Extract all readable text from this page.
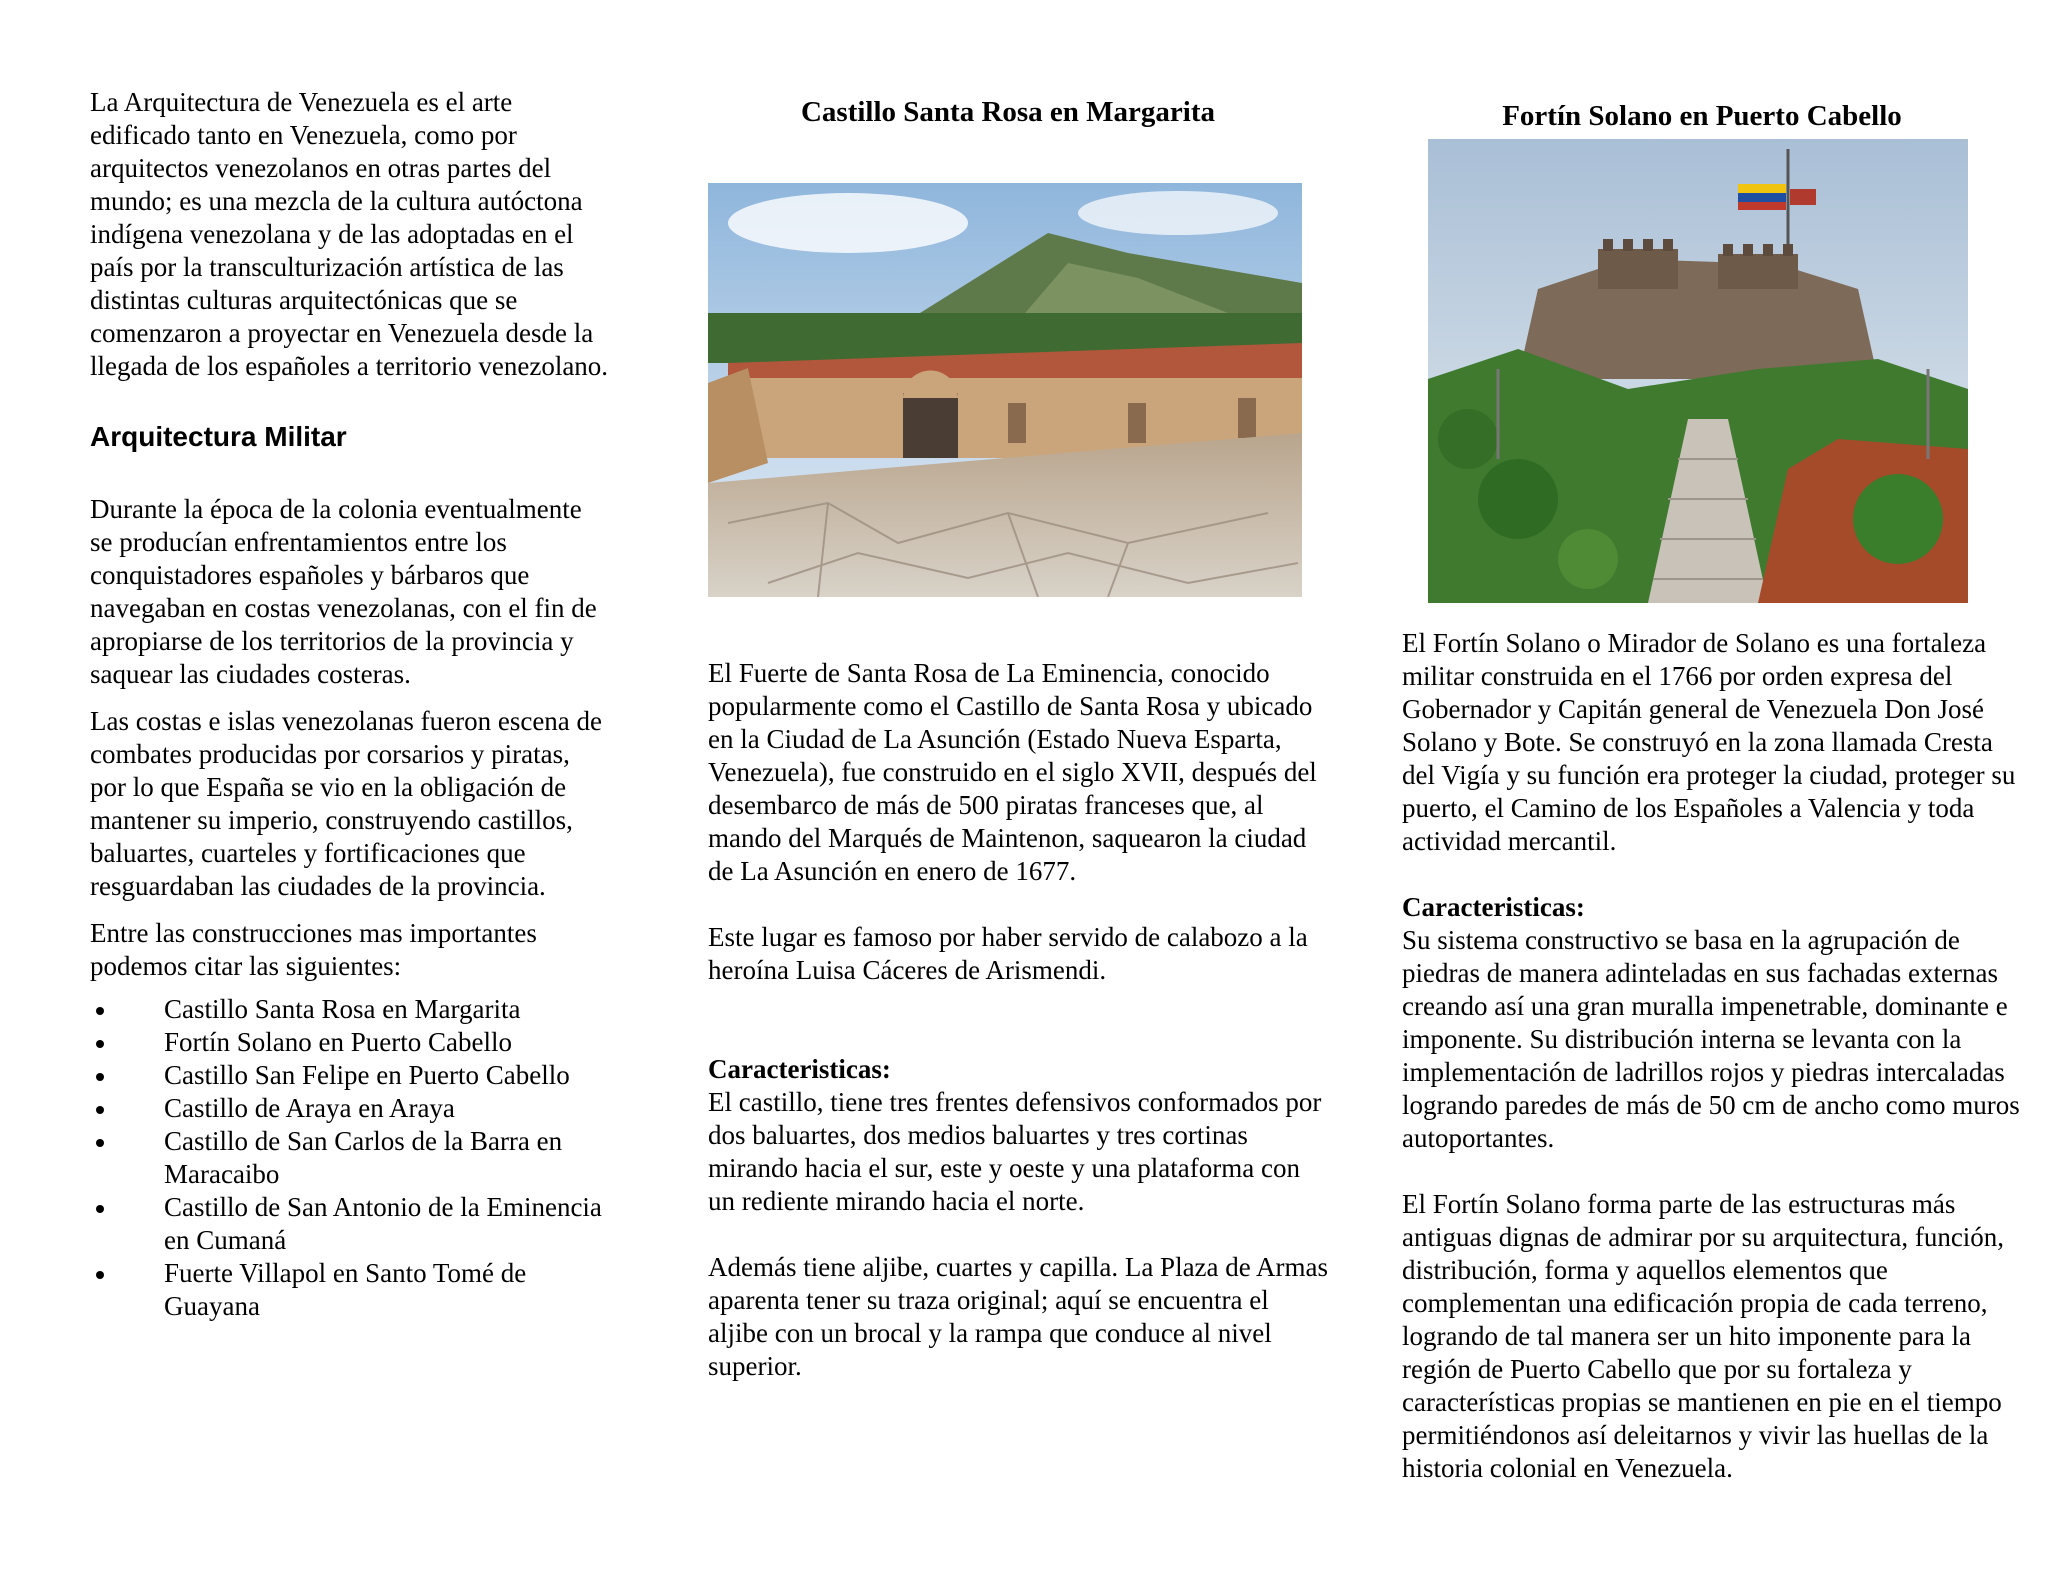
La Arquitectura de Venezuela es el arte edificado tanto en Venezuela, como por arquitectos venezolanos en otras partes del mundo; es una mezcla de la cultura autóctona indígena venezolana y de las adoptadas en el país por la transculturización artística de las distintas culturas arquitectónicas que se comenzaron a proyectar en Venezuela desde la llegada de los españoles a territorio venezolano.

Arquitectura Militar

Durante la época de la colonia eventualmente se producían enfrentamientos entre los conquistadores españoles y bárbaros que navegaban en costas venezolanas, con el fin de apropiarse de los territorios de la provincia y saquear las ciudades costeras.

Las costas e islas venezolanas fueron escena de combates producidas por corsarios y piratas, por lo que España se vio en la obligación de mantener su imperio, construyendo castillos, baluartes, cuarteles y fortificaciones que resguardaban las ciudades de la provincia.

Entre las construcciones mas importantes podemos citar las siguientes:

Castillo Santa Rosa en Margarita
Fortín Solano en Puerto Cabello
Castillo San Felipe en Puerto Cabello
Castillo de Araya en Araya
Castillo de San Carlos de la Barra en Maracaibo
Castillo de San Antonio de la Eminencia en Cumaná
Fuerte Villapol en Santo Tomé de Guayana
Castillo Santa Rosa en Margarita

El Fuerte de Santa Rosa de La Eminencia, conocido popularmente como el Castillo de Santa Rosa y ubicado en la Ciudad de La Asunción (Estado Nueva Esparta, Venezuela), fue construido en el siglo XVII, después del desembarco de más de 500 piratas franceses que, al mando del Marqués de Maintenon, saquearon la ciudad de La Asunción en enero de 1677.

Este lugar es famoso por haber servido de calabozo a la heroína Luisa Cáceres de Arismendi.

Caracteristicas:

El castillo, tiene tres frentes defensivos conformados por dos baluartes, dos medios baluartes y tres cortinas mirando hacia el sur, este y oeste y una plataforma con un rediente mirando hacia el norte.

Además tiene aljibe, cuartes y capilla. La Plaza de Armas aparenta tener su traza original; aquí se encuentra el aljibe con un brocal y la rampa que conduce al nivel superior.

Fortín Solano en Puerto Cabello

El Fortín Solano o Mirador de Solano es una fortaleza militar construida en el 1766 por orden expresa del Gobernador y Capitán general de Venezuela Don José Solano y Bote. Se construyó en la zona llamada Cresta del Vigía y su función era proteger la ciudad, proteger su puerto, el Camino de los Españoles a Valencia y toda actividad mercantil.

Caracteristicas:

Su sistema constructivo se basa en la agrupación de piedras de manera adinteladas en sus fachadas externas creando así una gran muralla impenetrable, dominante e imponente. Su distribución interna se levanta con la implementación de ladrillos rojos y piedras intercaladas logrando paredes de más de 50 cm de ancho como muros autoportantes.

El Fortín Solano forma parte de las estructuras más antiguas dignas de admirar por su arquitectura, función, distribución, forma y aquellos elementos que complementan una edificación propia de cada terreno, logrando de tal manera ser un hito imponente para la región de Puerto Cabello que por su fortaleza y características propias se mantienen en pie en el tiempo permitiéndonos así deleitarnos y vivir las huellas de la historia colonial en Venezuela.
